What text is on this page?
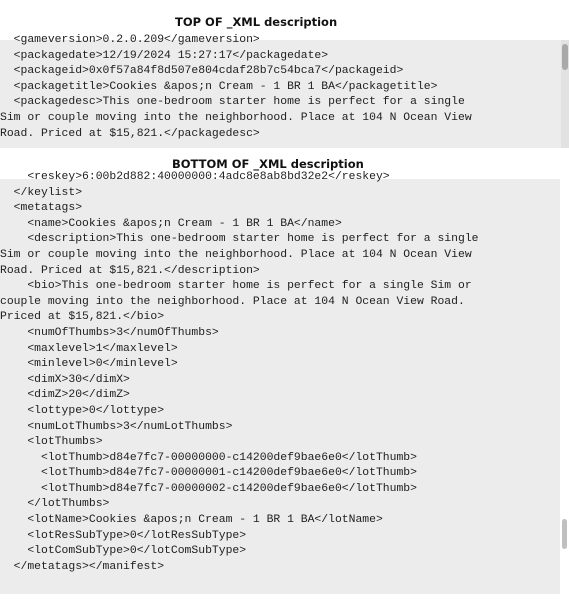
TOP OF _XML description
<gameversion>0.2.0.209</gameversion>
<packagedate>12/19/2024 15:27:17</packagedate>
<packageid>0x0f57a84f8d507e804cdaf28b7c54bca7</packageid>
<packagetitle>Cookies &apos;n Cream - 1 BR 1 BA</packagetitle>
<packagedesc>This one-bedroom starter home is perfect for a single
Sim or couple moving into the neighborhood. Place at 104 N Ocean View
Road. Priced at $15,821.</packagedesc>
BOTTOM OF _XML description
<reskey>6:00b2d882:40000000:4adc8e8ab8bd32e2</reskey>
</keylist>
<metatags>
<name>Cookies &apos;n Cream - 1 BR 1 BA</name>
<description>This one-bedroom starter home is perfect for a single
Sim or couple moving into the neighborhood. Place at 104 N Ocean View
Road. Priced at $15,821.</description>
<bio>This one-bedroom starter home is perfect for a single Sim or
couple moving into the neighborhood. Place at 104 N Ocean View Road.
Priced at $15,821.</bio>
<numOfThumbs>3</numOfThumbs>
<maxlevel>1</maxlevel>
<minlevel>0</minlevel>
<dimX>30</dimX>
<dimZ>20</dimZ>
<lottype>0</lottype>
<numLotThumbs>3</numLotThumbs>
<lotThumbs>
<lotThumb>d84e7fc7-00000000-c14200def9bae6e0</lotThumb>
<lotThumb>d84e7fc7-00000001-c14200def9bae6e0</lotThumb>
<lotThumb>d84e7fc7-00000002-c14200def9bae6e0</lotThumb>
</lotThumbs>
<lotName>Cookies &apos;n Cream - 1 BR 1 BA</lotName>
<lotResSubType>0</lotResSubType>
<lotComSubType>0</lotComSubType>
</metatags></manifest>
